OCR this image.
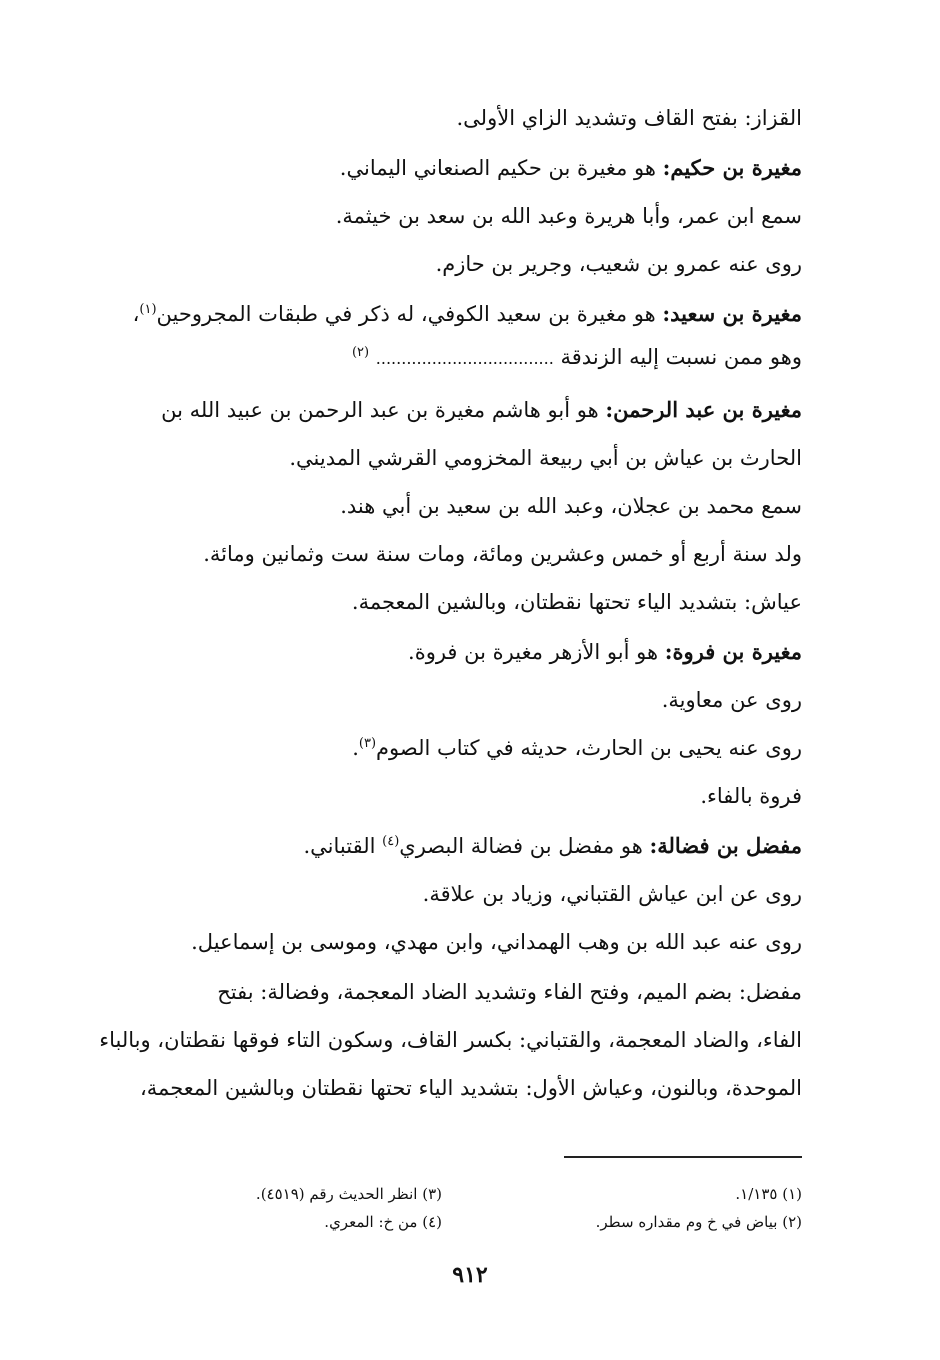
القزاز: بفتح القاف وتشديد الزاي الأولى.
مغيرة بن حكيم: هو مغيرة بن حكيم الصنعاني اليماني.
سمع ابن عمر، وأبا هريرة وعبد الله بن سعد بن خيثمة.
روى عنه عمرو بن شعيب، وجرير بن حازم.
مغيرة بن سعيد: هو مغيرة بن سعيد الكوفي، له ذكر في طبقات المجروحين$^{(١)}$،
وهو ممن نسبت إليه الزندقة ................................... $^{(٢)}$
مغيرة بن عبد الرحمن: هو أبو هاشم مغيرة بن عبد الرحمن بن عبيد الله بن
الحارث بن عياش بن أبي ربيعة المخزومي القرشي المديني.
سمع محمد بن عجلان، وعبد الله بن سعيد بن أبي هند.
ولد سنة أربع أو خمس وعشرين ومائة، ومات سنة ست وثمانين ومائة.
عياش: بتشديد الياء تحتها نقطتان، وبالشين المعجمة.
مغيرة بن فروة: هو أبو الأزهر مغيرة بن فروة.
روى عن معاوية.
روى عنه يحيى بن الحارث، حديثه في كتاب الصوم$^{(٣)}$.
فروة بالفاء.
مفضل بن فضالة: هو مفضل بن فضالة البصري$^{(٤)}$ القتباني.
روى عن ابن عياش القتباني، وزياد بن علاقة.
روى عنه عبد الله بن وهب الهمداني، وابن مهدي، وموسى بن إسماعيل.
مفضل: بضم الميم، وفتح الفاء وتشديد الضاد المعجمة، وفضالة: بفتح
الفاء، والضاد المعجمة، والقتباني: بكسر القاف، وسكون التاء فوقها نقطتان، وبالباء
الموحدة، وبالنون، وعياش الأول: بتشديد الياء تحتها نقطتان وبالشين المعجمة،
(١) ١/١٣٥.
(٢) بياض في خ وم مقداره سطر.
(٣) انظر الحديث رقم (٤٥١٩).
(٤) من خ: المعري.
٩١٢
